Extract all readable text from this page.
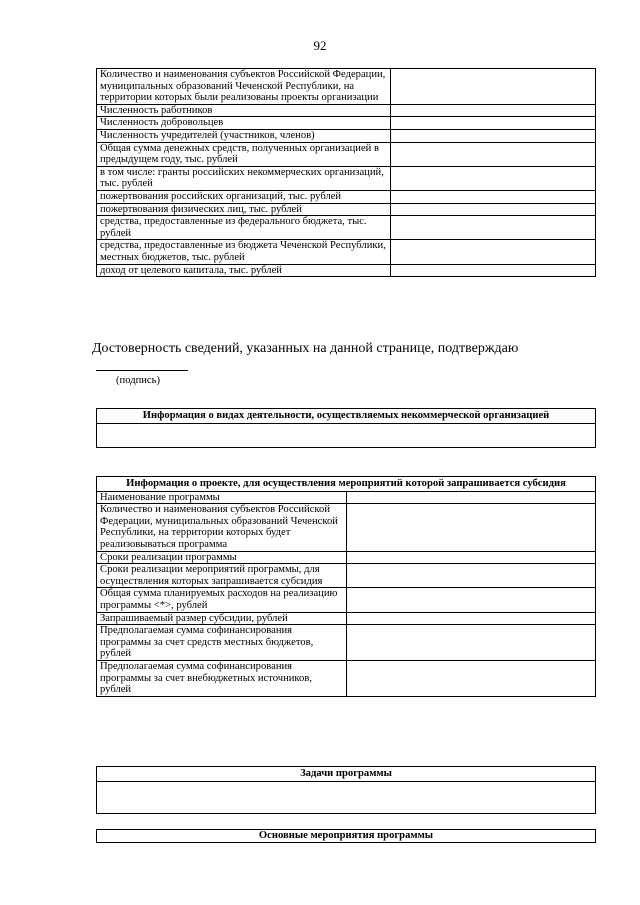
92
Количество и наименования субъектов Российской Федерации, муниципальных образований Чеченской Республики, на территории которых были реализованы проекты организации	
Численность работников	
Численность добровольцев	
Численность учредителей (участников, членов)	
Общая сумма денежных средств, полученных организацией в предыдущем году, тыс. рублей	
в том числе: гранты российских некоммерческих организаций, тыс. рублей	
пожертвования российских организаций, тыс. рублей	
пожертвования физических лиц, тыс. рублей	
средства, предоставленные из федерального бюджета, тыс. рублей	
средства, предоставленные из бюджета Чеченской Республики, местных бюджетов, тыс. рублей	
доход от целевого капитала, тыс. рублей	
Достоверность сведений, указанных на данной странице, подтверждаю
(подпись)
Информация о видах деятельности, осуществляемых некоммерческой организацией

Информация о проекте, для осуществления мероприятий которой запрашивается субсидия	
Наименование программы	
Количество и наименования субъектов Российской Федерации, муниципальных образований Чеченской Республики, на территории которых будет реализовываться программа	
Сроки реализации программы	
Сроки реализации мероприятий программы, для осуществления которых запрашивается субсидия	
Общая сумма планируемых расходов на реализацию программы <*>, рублей	
Запрашиваемый размер субсидии, рублей	
Предполагаемая сумма софинансирования программы за счет средств местных бюджетов, рублей	
Предполагаемая сумма софинансирования программы за счет внебюджетных источников, рублей	
Задачи программы

Основные мероприятия программы
